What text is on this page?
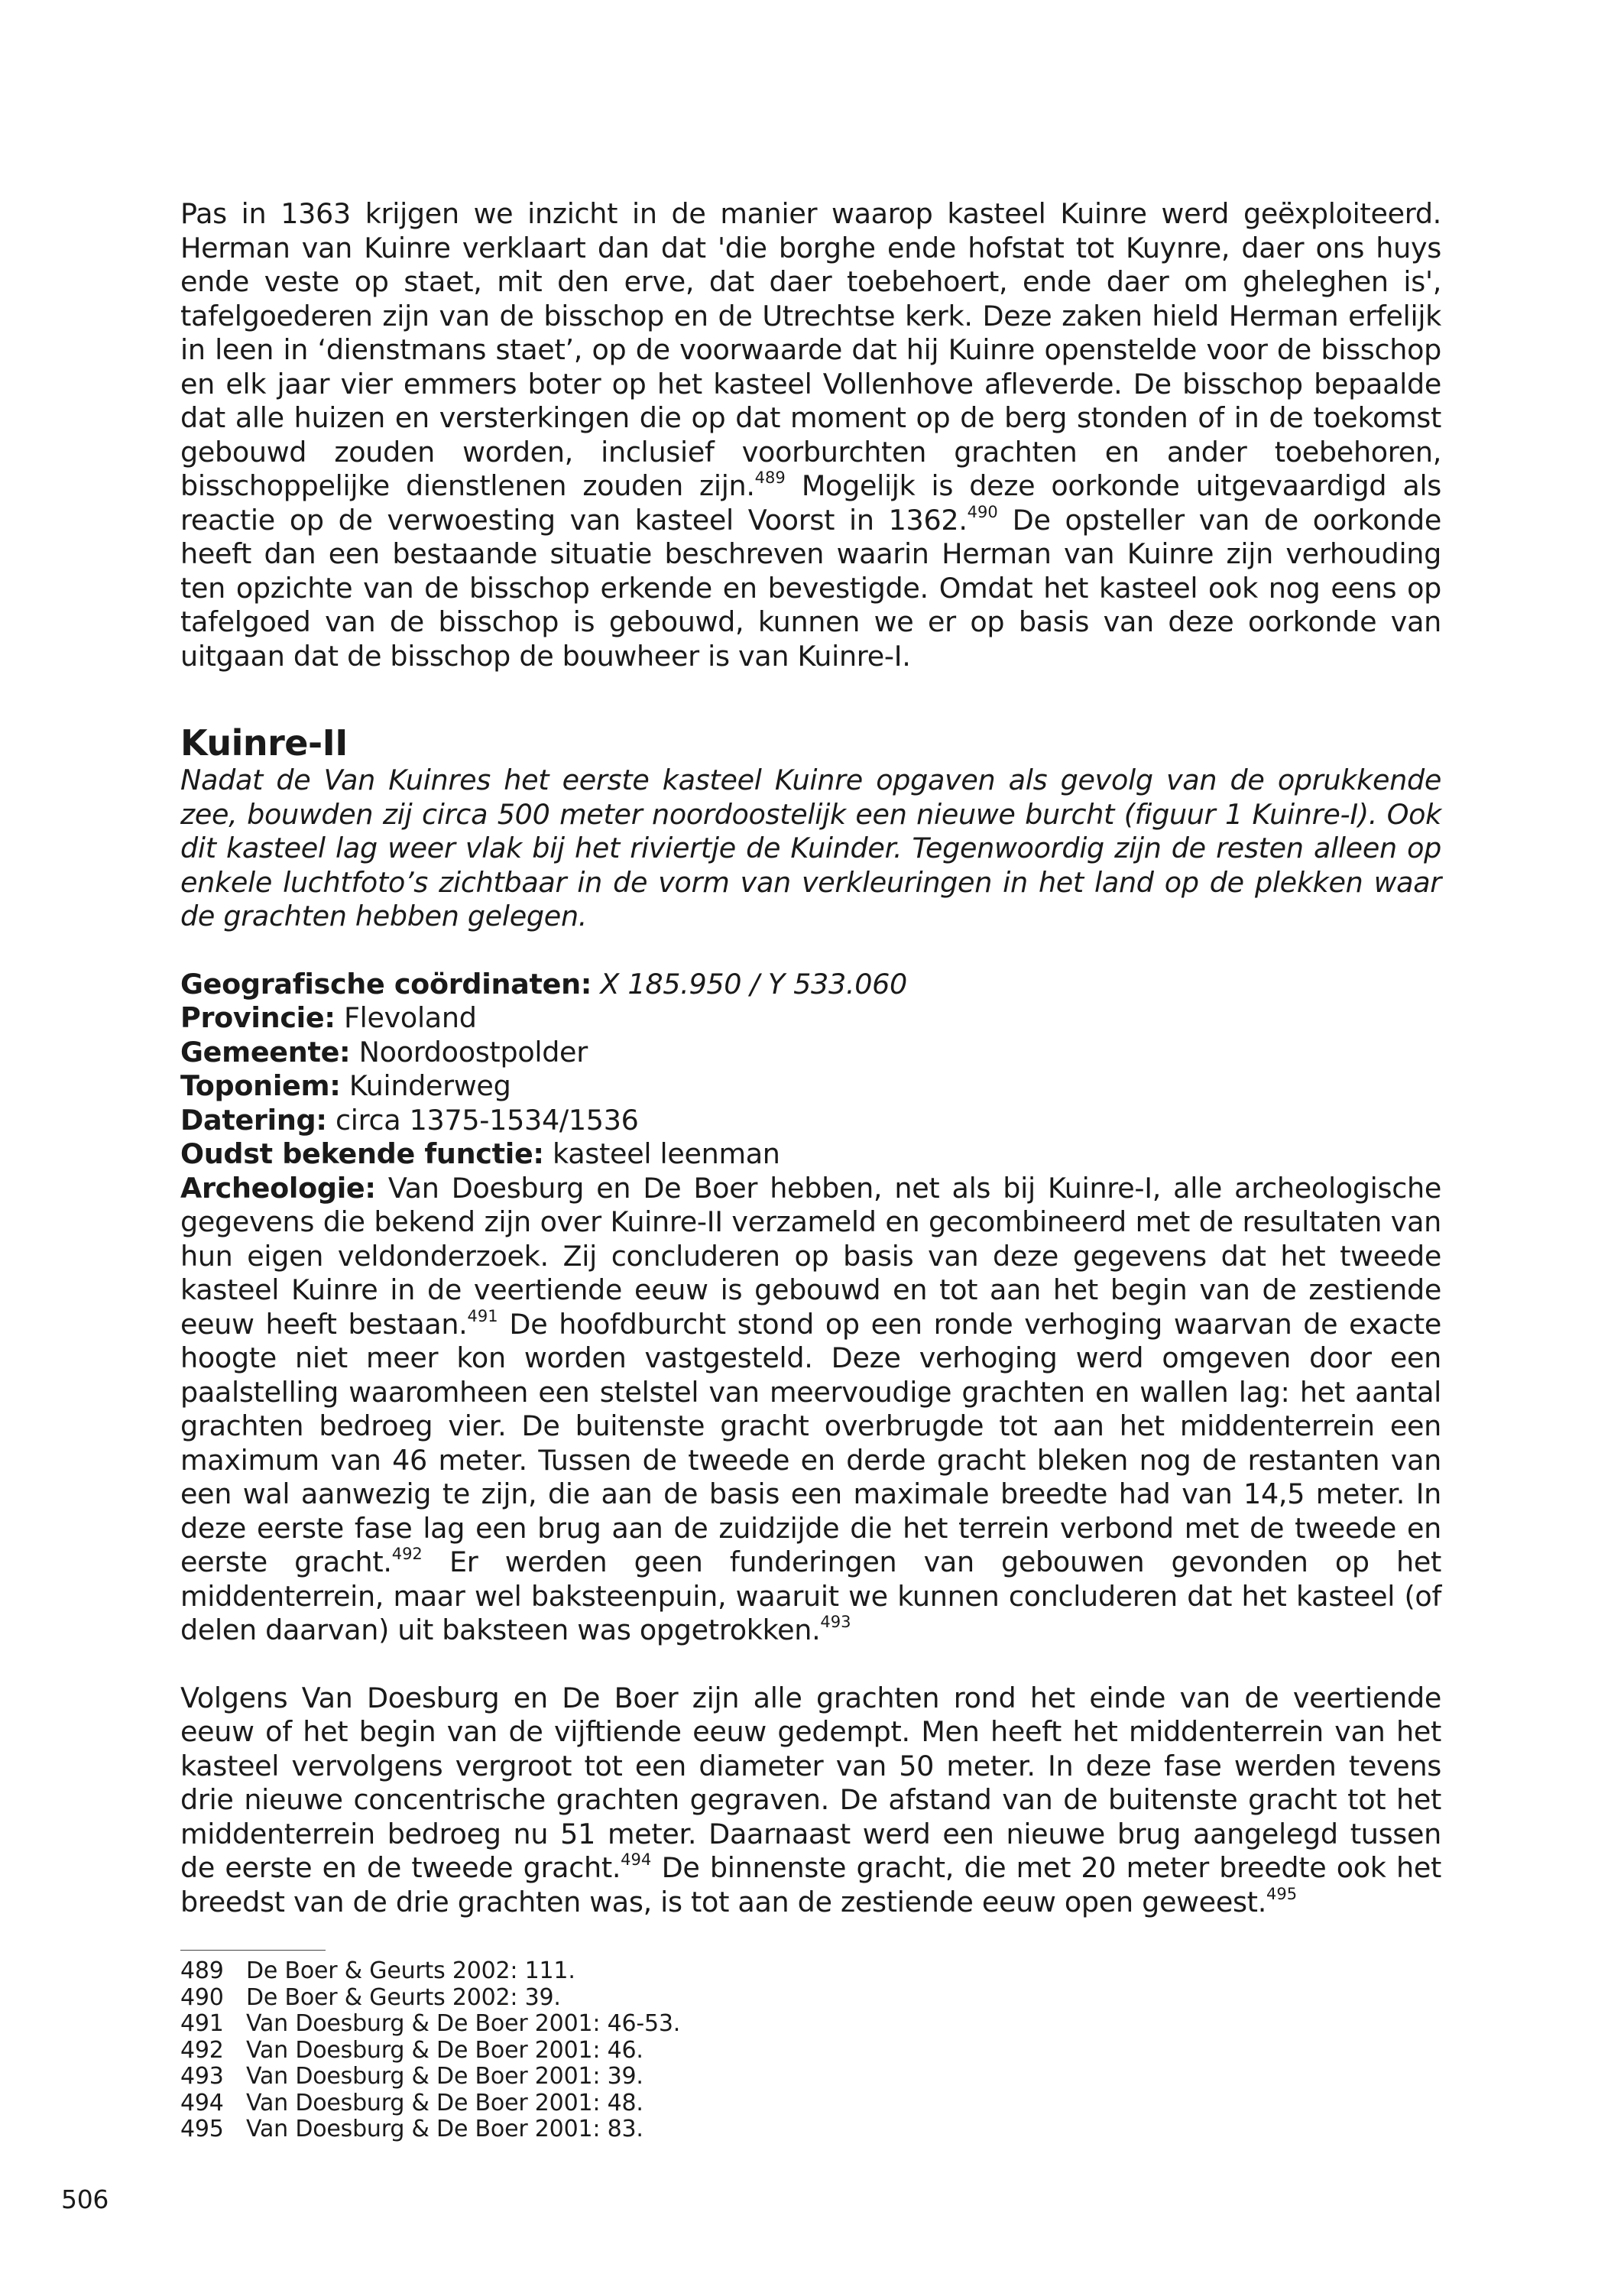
Pas in 1363 krijgen we inzicht in de manier waarop kasteel Kuinre werd geëxploiteerd. Herman van Kuinre verklaart dan dat 'die borghe ende hofstat tot Kuynre, daer ons huys ende veste op staet, mit den erve, dat daer toebehoert, ende daer om gheleghen is', tafelgoederen zijn van de bisschop en de Utrechtse kerk. Deze zaken hield Herman erfelijk in leen in ‘dienstmans staet’, op de voorwaarde dat hij Kuinre openstelde voor de bisschop en elk jaar vier emmers boter op het kasteel Vollenhove afleverde. De bisschop bepaalde dat alle huizen en versterkingen die op dat moment op de berg stonden of in de toekomst gebouwd zouden worden, inclusief voorburchten grachten en ander toebehoren, bisschoppelijke dienstlenen zouden zijn.$^{489}$ Mogelijk is deze oorkonde uitgevaardigd als reactie op de verwoesting van kasteel Voorst in 1362.$^{490}$ De opsteller van de oorkonde heeft dan een bestaande situatie beschreven waarin Herman van Kuinre zijn verhouding ten opzichte van de bisschop erkende en bevestigde. Omdat het kasteel ook nog eens op tafelgoed van de bisschop is gebouwd, kunnen we er op basis van deze oorkonde van uitgaan dat de bisschop de bouwheer is van Kuinre-I.

Kuinre-II

Nadat de Van Kuinres het eerste kasteel Kuinre opgaven als gevolg van de oprukkende zee, bouwden zij circa 500 meter noordoostelijk een nieuwe burcht (figuur 1 Kuinre-I). Ook dit kasteel lag weer vlak bij het riviertje de Kuinder. Tegenwoordig zijn de resten alleen op enkele luchtfoto’s zichtbaar in de vorm van verkleuringen in het land op de plekken waar de grachten hebben gelegen.

Geografische coördinaten: X 185.950 / Y 533.060

Provincie: Flevoland

Gemeente: Noordoostpolder

Toponiem: Kuinderweg

Datering: circa 1375-1534/1536

Oudst bekende functie: kasteel leenman

Archeologie: Van Doesburg en De Boer hebben, net als bij Kuinre-I, alle archeologische gegevens die bekend zijn over Kuinre-II verzameld en gecombineerd met de resultaten van hun eigen veldonderzoek. Zij concluderen op basis van deze gegevens dat het tweede kasteel Kuinre in de veertiende eeuw is gebouwd en tot aan het begin van de zestiende eeuw heeft bestaan.$^{491}$ De hoofdburcht stond op een ronde verhoging waarvan de exacte hoogte niet meer kon worden vastgesteld. Deze verhoging werd omgeven door een paalstelling waaromheen een stelstel van meervoudige grachten en wallen lag: het aantal grachten bedroeg vier. De buitenste gracht overbrugde tot aan het middenterrein een maximum van 46 meter. Tussen de tweede en derde gracht bleken nog de restanten van een wal aanwezig te zijn, die aan de basis een maximale breedte had van 14,5 meter. In deze eerste fase lag een brug aan de zuidzijde die het terrein verbond met de tweede en eerste gracht.$^{492}$ Er werden geen funderingen van gebouwen gevonden op het middenterrein, maar wel baksteenpuin, waaruit we kunnen concluderen dat het kasteel (of delen daarvan) uit baksteen was opgetrokken.$^{493}$

Volgens Van Doesburg en De Boer zijn alle grachten rond het einde van de veertiende eeuw of het begin van de vijftiende eeuw gedempt. Men heeft het middenterrein van het kasteel vervolgens vergroot tot een diameter van 50 meter. In deze fase werden tevens drie nieuwe concentrische grachten gegraven. De afstand van de buitenste gracht tot het middenterrein bedroeg nu 51 meter. Daarnaast werd een nieuwe brug aangelegd tussen de eerste en de tweede gracht.$^{494}$ De binnenste gracht, die met 20 meter breedte ook het breedst van de drie grachten was, is tot aan de zestiende eeuw open geweest.$^{495}$

489 De Boer & Geurts 2002: 111.
490 De Boer & Geurts 2002: 39.
491 Van Doesburg & De Boer 2001: 46-53.
492 Van Doesburg & De Boer 2001: 46.
493 Van Doesburg & De Boer 2001: 39.
494 Van Doesburg & De Boer 2001: 48.
495 Van Doesburg & De Boer 2001: 83.
506
